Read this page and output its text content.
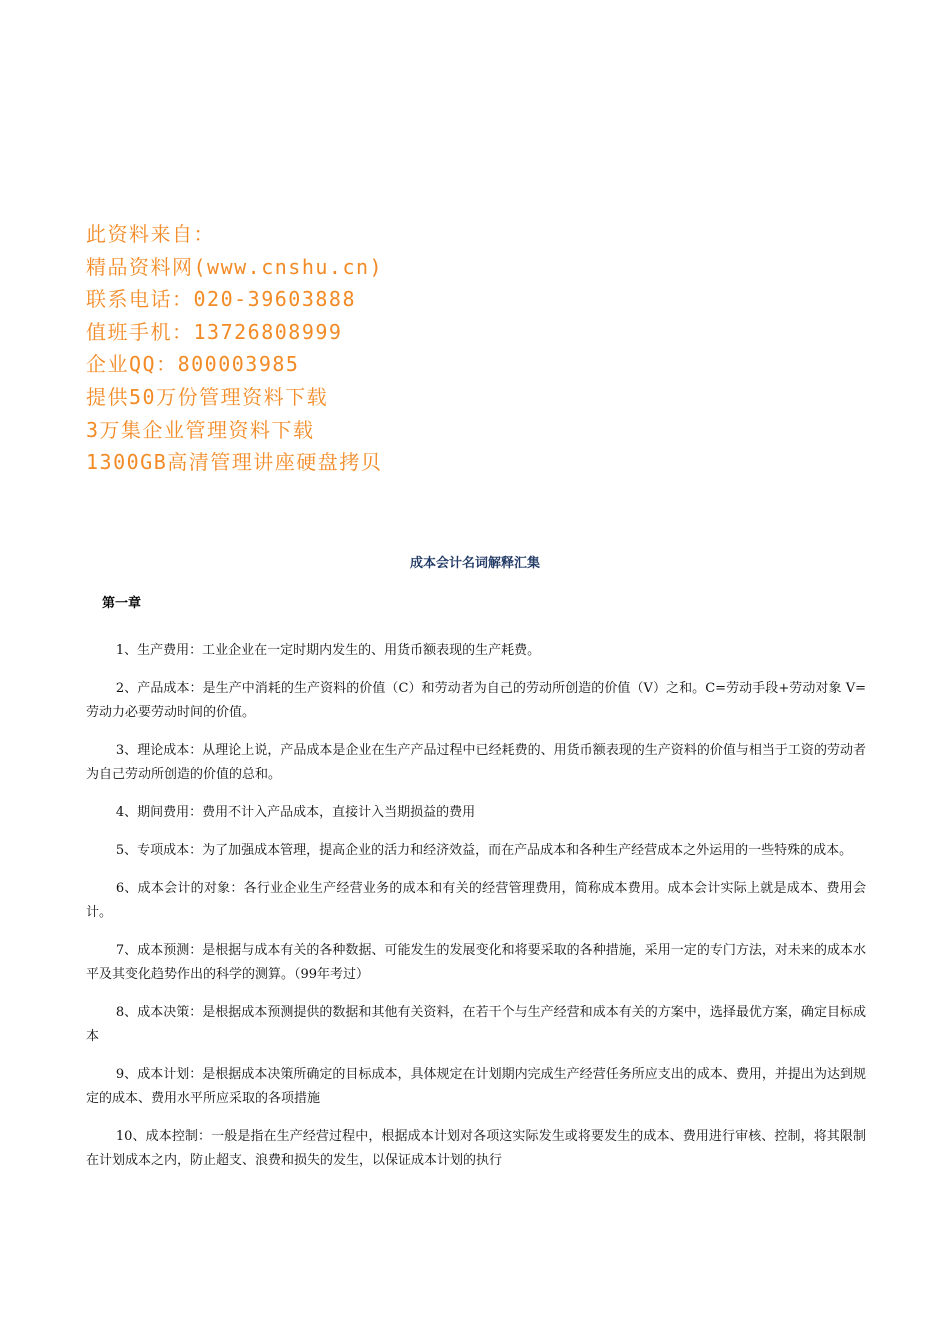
此资料来自：
精品资料网(www.cnshu.cn)
联系电话：020-39603888
值班手机：13726808999
企业QQ：800003985
提供50万份管理资料下载
3万集企业管理资料下载
1300GB高清管理讲座硬盘拷贝
成本会计名词解释汇集
第一章

1、生产费用：工业企业在一定时期内发生的、用货币额表现的生产耗费。

2、产品成本：是生产中消耗的生产资料的价值（C）和劳动者为自己的劳动所创造的价值（V）之和。C=劳动手段+劳动对象 V=劳动力必要劳动时间的价值。

3、理论成本：从理论上说，产品成本是企业在生产产品过程中已经耗费的、用货币额表现的生产资料的价值与相当于工资的劳动者为自己劳动所创造的价值的总和。

4、期间费用：费用不计入产品成本，直接计入当期损益的费用

5、专项成本：为了加强成本管理，提高企业的活力和经济效益，而在产品成本和各种生产经营成本之外运用的一些特殊的成本。

6、成本会计的对象：各行业企业生产经营业务的成本和有关的经营管理费用，简称成本费用。成本会计实际上就是成本、费用会计。

7、成本预测：是根据与成本有关的各种数据、可能发生的发展变化和将要采取的各种措施，采用一定的专门方法，对未来的成本水平及其变化趋势作出的科学的测算。（99年考过）

8、成本决策：是根据成本预测提供的数据和其他有关资料，在若干个与生产经营和成本有关的方案中，选择最优方案，确定目标成本

9、成本计划：是根据成本决策所确定的目标成本，具体规定在计划期内完成生产经营任务所应支出的成本、费用，并提出为达到规定的成本、费用水平所应采取的各项措施

10、成本控制：一般是指在生产经营过程中，根据成本计划对各项这实际发生或将要发生的成本、费用进行审核、控制，将其限制在计划成本之内，防止超支、浪费和损失的发生，以保证成本计划的执行
